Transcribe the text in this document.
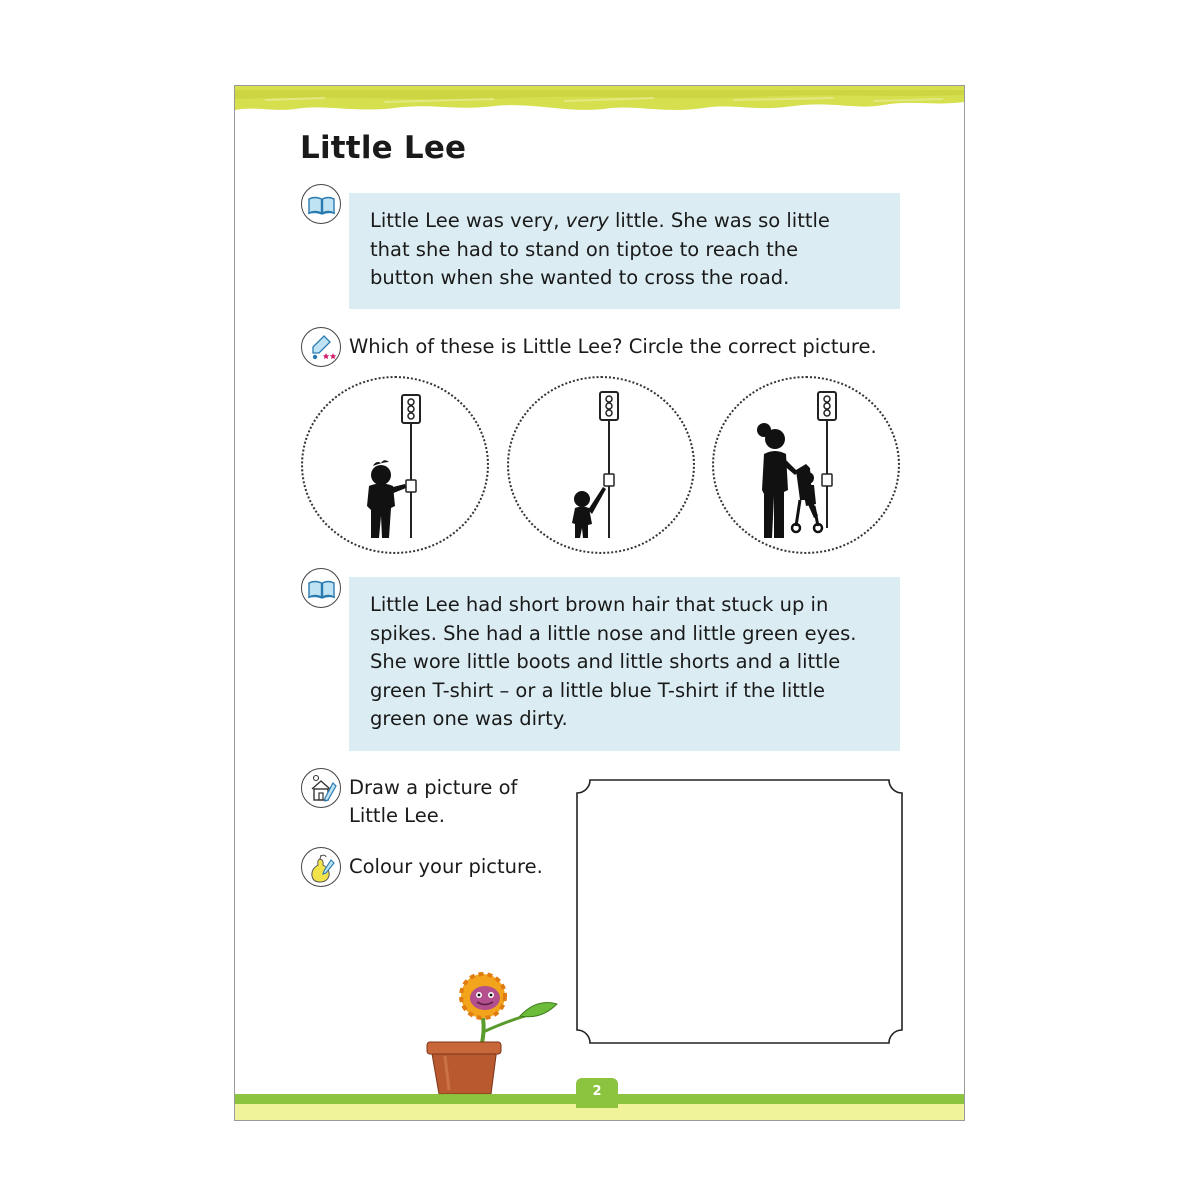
Little Lee

Little Lee was very, very little. She was so little

that she had to stand on tiptoe to reach the

button when she wanted to cross the road.

Which of these is Little Lee? Circle the correct picture.

Little Lee had short brown hair that stuck up in

spikes. She had a little nose and little green eyes.

She wore little boots and little shorts and a little

green T-shirt – or a little blue T-shirt if the little

green one was dirty.

Draw a picture of
Little Lee.
Colour your picture.
2
